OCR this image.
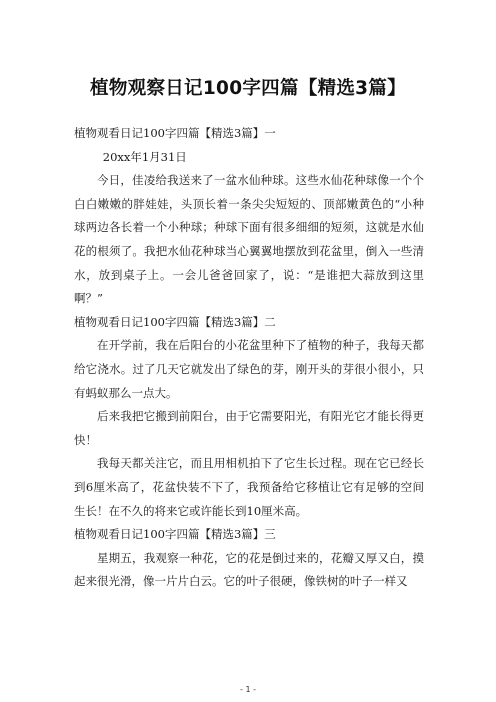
植物观察日记100字四篇【精选3篇】

植物观看日记100字四篇【精选3篇】一

20xx年1月31日

今日，佳凌给我送来了一盆水仙种球。这些水仙花种球像一个个白白嫩嫩的胖娃娃，头顶长着一条尖尖短短的、顶部嫩黄色的“小种球两边各长着一个小种球；种球下面有很多细细的短须，这就是水仙花的根须了。我把水仙花种球当心翼翼地摆放到花盆里，倒入一些清水，放到桌子上。一会儿爸爸回家了，说：“是谁把大蒜放到这里啊？”

植物观看日记100字四篇【精选3篇】二

在开学前，我在后阳台的小花盆里种下了植物的种子，我每天都给它浇水。过了几天它就发出了绿色的芽，刚开头的芽很小很小，只有蚂蚁那么一点大。

后来我把它搬到前阳台，由于它需要阳光，有阳光它才能长得更快！

我每天都关注它，而且用相机拍下了它生长过程。现在它已经长到6厘米高了，花盆快装不下了，我预备给它移植让它有足够的空间生长！在不久的将来它或许能长到10厘米高。

植物观看日记100字四篇【精选3篇】三

星期五，我观察一种花，它的花是倒过来的，花瓣又厚又白，摸起来很光滑，像一片片白云。它的叶子很硬，像铁树的叶子一样又

- 1 -
